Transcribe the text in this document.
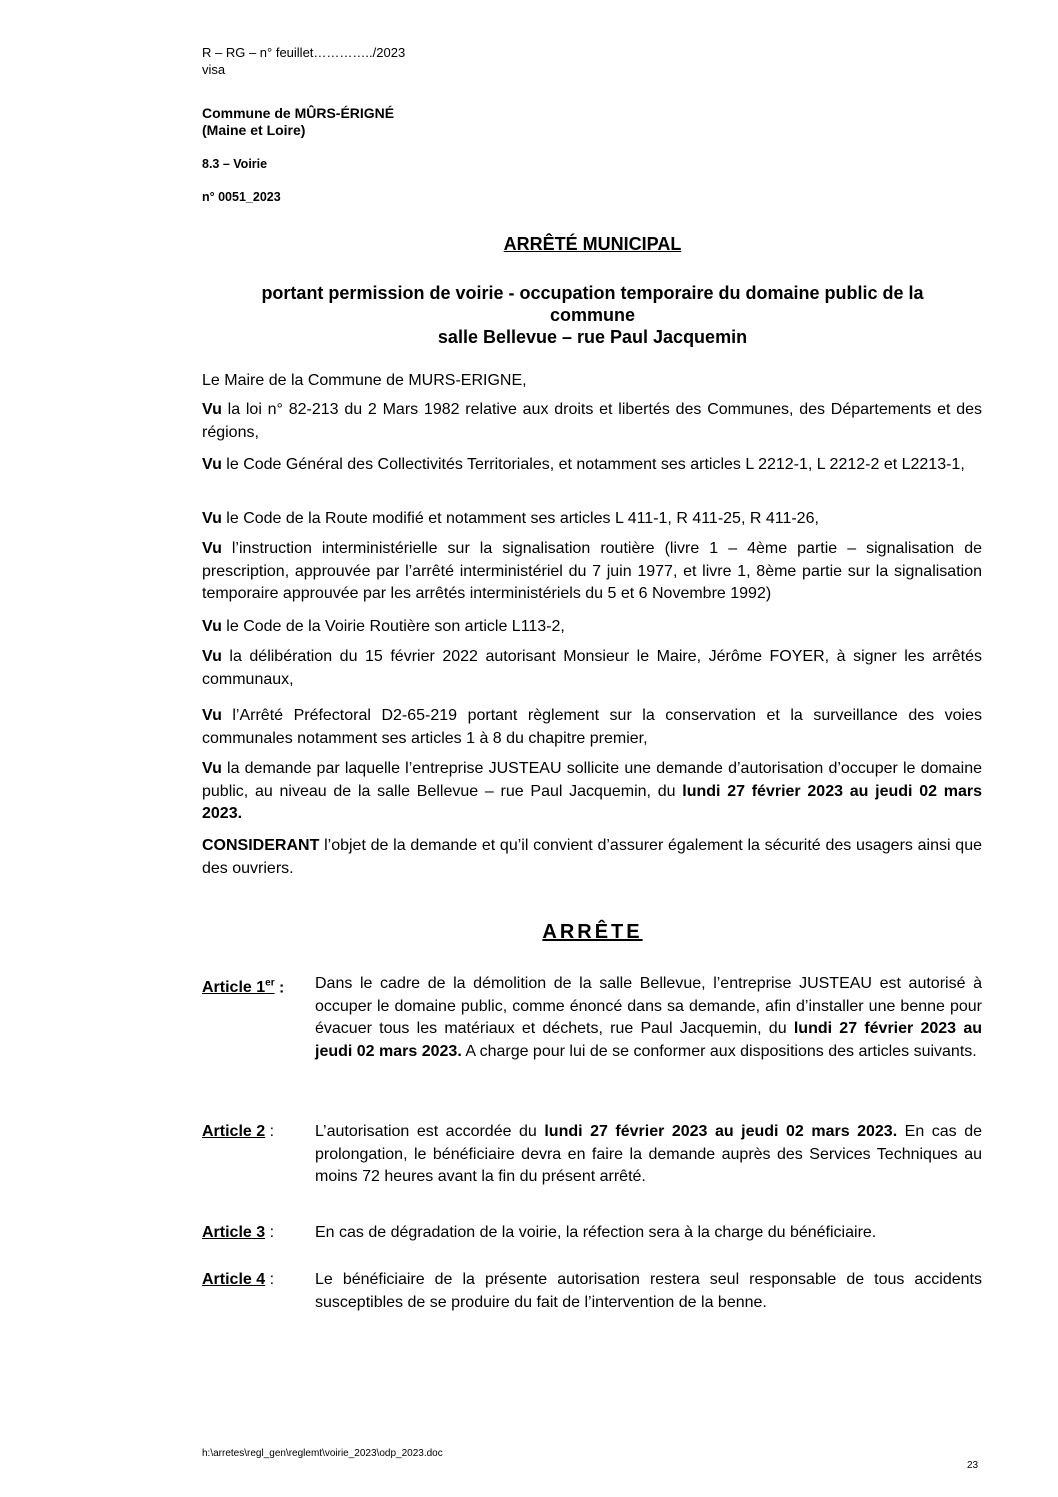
R – RG – n° feuillet…………../2023
visa
Commune de MÛRS-ÉRIGNÉ
(Maine et Loire)
8.3 – Voirie
n° 0051_2023
ARRÊTÉ MUNICIPAL
portant permission de voirie - occupation temporaire du domaine public de la
commune
salle Bellevue – rue Paul Jacquemin
Le Maire de la Commune de MURS-ERIGNE,
Vu la loi n° 82-213 du 2 Mars 1982 relative aux droits et libertés des Communes, des Départements et des régions,
Vu le Code Général des Collectivités Territoriales, et notamment ses articles L 2212-1, L 2212-2 et L2213-1,
Vu le Code de la Route modifié et notamment ses articles L 411-1, R 411-25, R 411-26,
Vu l’instruction interministérielle sur la signalisation routière (livre 1 – 4ème partie – signalisation de prescription, approuvée par l’arrêté interministériel du 7 juin 1977, et livre 1, 8ème partie sur la signalisation temporaire approuvée par les arrêtés interministériels du 5 et 6 Novembre 1992)
Vu le Code de la Voirie Routière son article L113-2,
Vu la délibération du 15 février 2022 autorisant Monsieur le Maire, Jérôme FOYER, à signer les arrêtés communaux,
Vu l’Arrêté Préfectoral D2-65-219 portant règlement sur la conservation et la surveillance des voies communales notamment ses articles 1 à 8 du chapitre premier,
Vu la demande par laquelle l’entreprise JUSTEAU sollicite une demande d’autorisation d’occuper le domaine public, au niveau de la salle Bellevue – rue Paul Jacquemin, du lundi 27 février 2023 au jeudi 02 mars 2023.
CONSIDERANT l’objet de la demande et qu’il convient d’assurer également la sécurité des usagers ainsi que des ouvriers.
ARRÊTE
Article 1er : Dans le cadre de la démolition de la salle Bellevue, l’entreprise JUSTEAU est autorisé à occuper le domaine public, comme énoncé dans sa demande, afin d’installer une benne pour évacuer tous les matériaux et déchets, rue Paul Jacquemin, du lundi 27 février 2023 au jeudi 02 mars 2023. A charge pour lui de se conformer aux dispositions des articles suivants.
Article 2 :	L’autorisation est accordée du lundi 27 février 2023 au jeudi 02 mars 2023. En cas de prolongation, le bénéficiaire devra en faire la demande auprès des Services Techniques au moins 72 heures avant la fin du présent arrêté.
Article 3 :	En cas de dégradation de la voirie, la réfection sera à la charge du bénéficiaire.
Article 4 :	Le bénéficiaire de la présente autorisation restera seul responsable de tous accidents susceptibles de se produire du fait de l’intervention de la benne.
h:\arretes\regl_gen\reglemt\voirie_2023\odp_2023.doc
23
